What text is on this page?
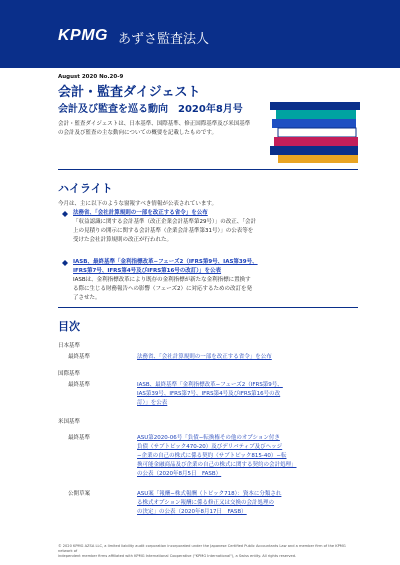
KPMG あずさ監査法人
August 2020 No.20-9
会計・監査ダイジェスト
会計及び監査を巡る動向　2020年8月号
会計・監査ダイジェストは、日本基準、国際基準、修正国際基準及び米国基準
の会計及び監査の主な動向についての概要を記載したものです。
ハイライト
今月は、主に以下のような窗報すべき情報が公表されています。
法務省、「会社計算規則の一部を改正する省令」を公布
「収益認識に関する会計基準（改正企業会計基準第29号）」の改正、「会計
上の見積りの開示に関する会計基準（企業会計基準第31号）」の公表等を
受けた会社計算規則の改正が行われた。
IASB、最終基準「金利指標改革−フェーズ2（IFRS第9号、IAS第39号、
IFRS第7号、IFRS第4号及びIFRS第16号の改訂）」を公表
IASBは、金利指標改革により既存の金利指標が新たな金利指標に置換す
る際に生じる財務報告への影響（フェーズ2）に対応するための改訂を発
了させた。
目次
日本基準
最終基準	法務省、「会社計算規則の一部を改正する省令」を公布
国際基準
最終基準	IASB、最終基準「金利指標改革−フェーズ2（IFRS第9号、
IAS第39号、IFRS第7号、IFRS第4号及びIFRS第16号の改
訂）」を公表
米国基準
最終基準	ASU第2020-06号「負債−転換権その他のオプション付き
負債（サブトピック470-20）及びデリバティブ及びヘッジ
−企業の自己の株式に係る契約（サブトピック815-40）−転
換可能金融商品及び企業の自己の株式に関する契約の会計処理」
の公表（2020年8月5日　FASB）
公開草案	ASU案「報酬−株式報酬（トピック718）：資本に分類され
る株式オプション報酬に係る修正又は交換の会計処理の
の決定」の公表（2020年8月17日　FASB）
© 2020 KPMG AZSA LLC, a limited liability audit corporation incorporated under the Japanese Certified Public Accountants Law and a member firm of the KPMG network of
independent member firms affiliated with KPMG International Cooperative ("KPMG International"), a Swiss entity. All rights reserved.
